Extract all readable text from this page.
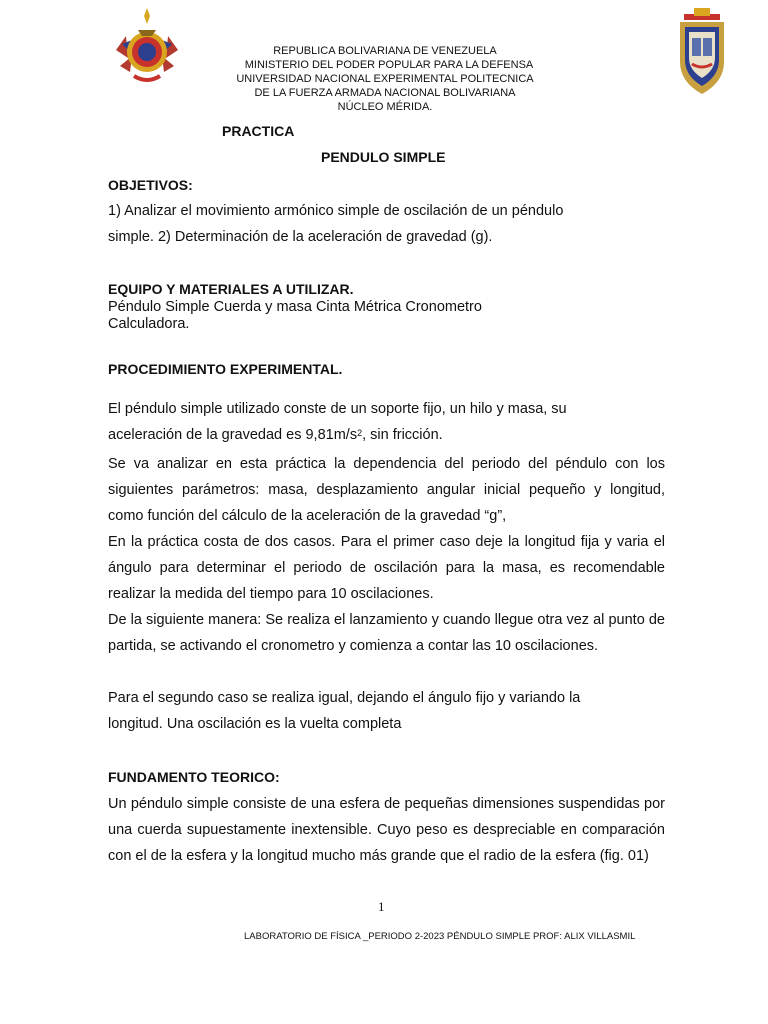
REPUBLICA BOLIVARIANA DE VENEZUELA
MINISTERIO DEL PODER POPULAR PARA LA DEFENSA
UNIVERSIDAD NACIONAL EXPERIMENTAL POLITECNICA
DE LA FUERZA ARMADA NACIONAL BOLIVARIANA
NÚCLEO MÉRIDA.
PRACTICA
PENDULO SIMPLE
OBJETIVOS:
1) Analizar el movimiento armónico simple de oscilación de un péndulo
simple. 2) Determinación de la aceleración de gravedad (g).
EQUIPO Y MATERIALES A UTILIZAR.
Péndulo Simple Cuerda y masa Cinta Métrica Cronometro
Calculadora.
PROCEDIMIENTO EXPERIMENTAL.
El péndulo simple utilizado conste de un soporte fijo, un hilo y masa, su
aceleración de la gravedad es $9,81m/s^2$, sin fricción.
Se va analizar en esta práctica la dependencia del periodo del péndulo con los siguientes parámetros: masa, desplazamiento angular inicial pequeño y longitud, como función del cálculo de la aceleración de la gravedad “g”,
En la práctica costa de dos casos. Para el primer caso deje la longitud fija y varia el ángulo para determinar el periodo de oscilación para la masa, es recomendable realizar la medida del tiempo para 10 oscilaciones.
De la siguiente manera: Se realiza el lanzamiento y cuando llegue otra vez al punto de partida, se activando el cronometro y comienza a contar las 10 oscilaciones.
Para el segundo caso se realiza igual, dejando el ángulo fijo y variando la
longitud. Una oscilación es la vuelta completa
FUNDAMENTO TEORICO:
Un péndulo simple consiste de una esfera de pequeñas dimensiones suspendidas por una cuerda supuestamente inextensible. Cuyo peso es despreciable en comparación con el de la esfera y la longitud mucho más grande que el radio de la esfera (fig. 01)
1
LABORATORIO DE FÍSICA _PERIODO 2-2023 PÉNDULO SIMPLE PROF: ALIX VILLASMIL
